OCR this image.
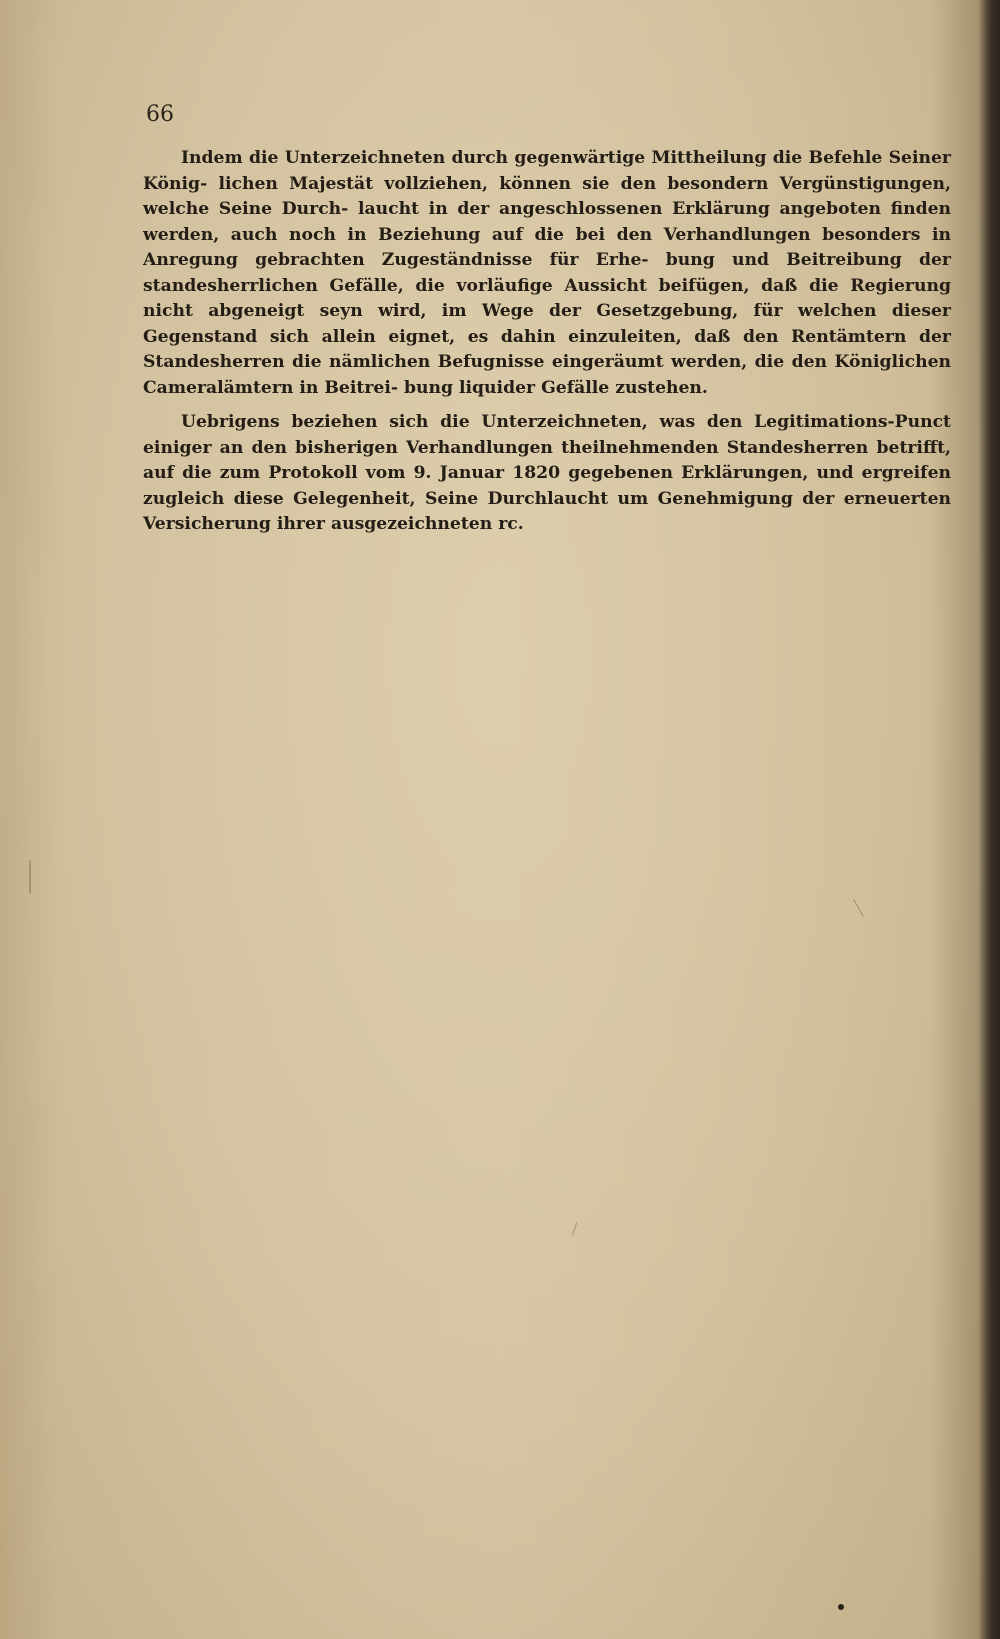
66

Indem die Unterzeichneten durch gegenwärtige Mittheilung die Befehle Seiner König- lichen Majestät vollziehen, können sie den besondern Vergünstigungen, welche Seine Durch- laucht in der angeschlossenen Erklärung angeboten finden werden, auch noch in Beziehung auf die bei den Verhandlungen besonders in Anregung gebrachten Zugeständnisse für Erhe- bung und Beitreibung der standesherrlichen Gefälle, die vorläufige Aussicht beifügen, daß die Regierung nicht abgeneigt seyn wird, im Wege der Gesetzgebung, für welchen dieser Gegenstand sich allein eignet, es dahin einzuleiten, daß den Rentämtern der Standesherren die nämlichen Befugnisse eingeräumt werden, die den Königlichen Cameralämtern in Beitrei- bung liquider Gefälle zustehen.

Uebrigens beziehen sich die Unterzeichneten, was den Legitimations-Punct einiger an den bisherigen Verhandlungen theilnehmenden Standesherren betrifft, auf die zum Protokoll vom 9. Januar 1820 gegebenen Erklärungen, und ergreifen zugleich diese Gelegenheit, Seine Durchlaucht um Genehmigung der erneuerten Versicherung ihrer ausgezeichneten rc.
